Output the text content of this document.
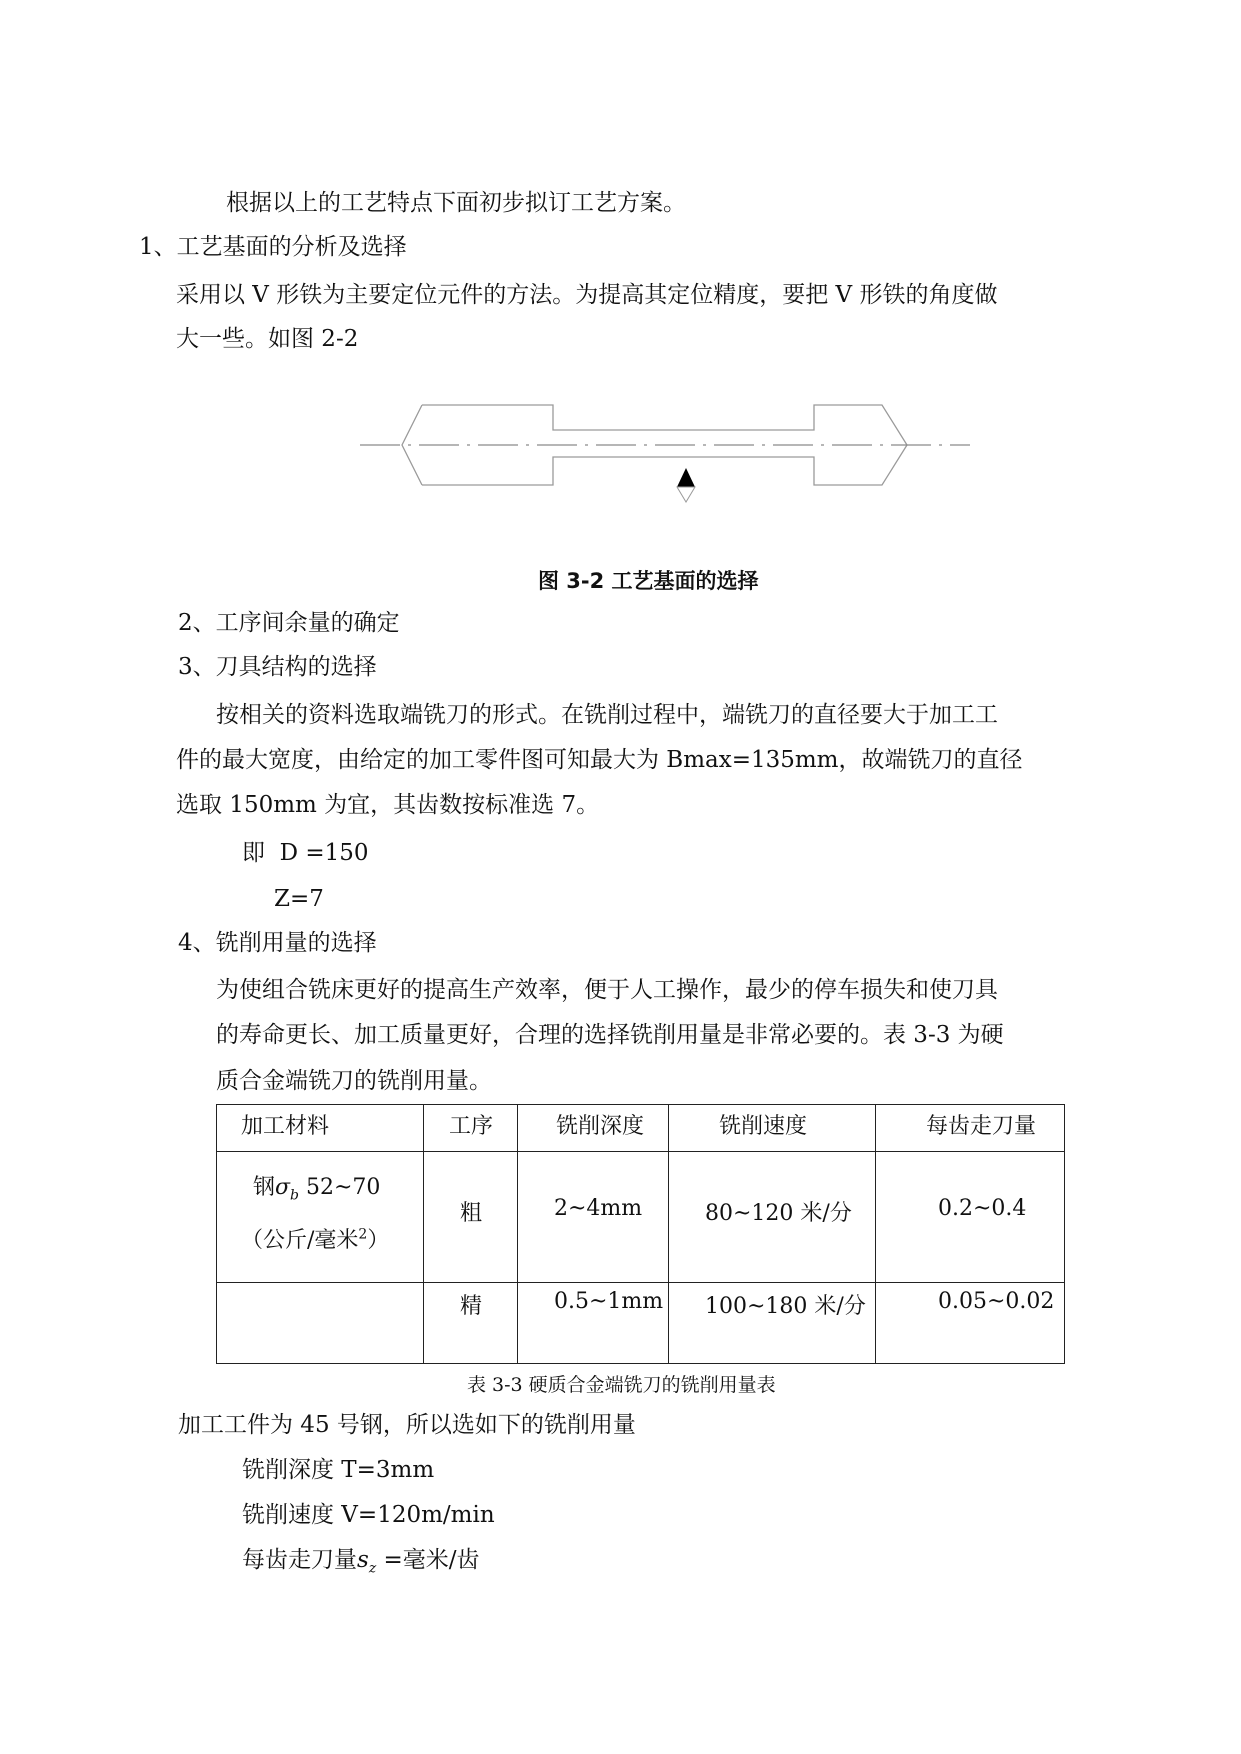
根据以上的工艺特点下面初步拟订工艺方案。
1、工艺基面的分析及选择
采用以 V 形铁为主要定位元件的方法。为提高其定位精度，要把 V 形铁的角度做
大一些。如图 2-2
图 3-2 工艺基面的选择
2、工序间余量的确定
3、刀具结构的选择
按相关的资料选取端铣刀的形式。在铣削过程中，端铣刀的直径要大于加工工
件的最大宽度，由给定的加工零件图可知最大为 Bmax=135mm，故端铣刀的直径
选取 150mm 为宜，其齿数按标准选 7。
即  D =150
Z=7
4、铣削用量的选择
为使组合铣床更好的提高生产效率，便于人工操作，最少的停车损失和使刀具
的寿命更长、加工质量更好，合理的选择铣削用量是非常必要的。表 3-3 为硬
质合金端铣刀的铣削用量。
加工材料	工序	铣削深度	铣削速度	每齿走刀量

钢$\sigma_b$ 52~70
（公斤/毫米$^2$）	粗	2~4mm	80~120 米/分	0.2~0.4

	精	0.5~1mm	100~180 米/分	0.05~0.02
表 3-3 硬质合金端铣刀的铣削用量表
加工工件为 45 号钢，所以选如下的铣削用量
铣削深度 T=3mm
铣削速度 V=120m/min
每齿走刀量$s_z$ =毫米/齿
